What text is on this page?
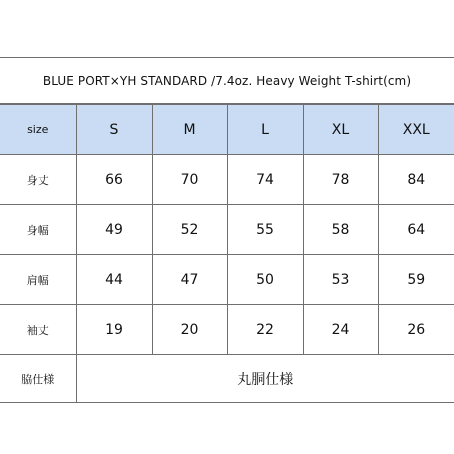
BLUE PORT×YH STANDARD /7.4oz. Heavy Weight T-shirt(cm)
size	S	M	L	XL	XXL
身丈	66	70	74	78	84
身幅	49	52	55	58	64
肩幅	44	47	50	53	59
袖丈	19	20	22	24	26
脇仕様	丸胴仕様				
